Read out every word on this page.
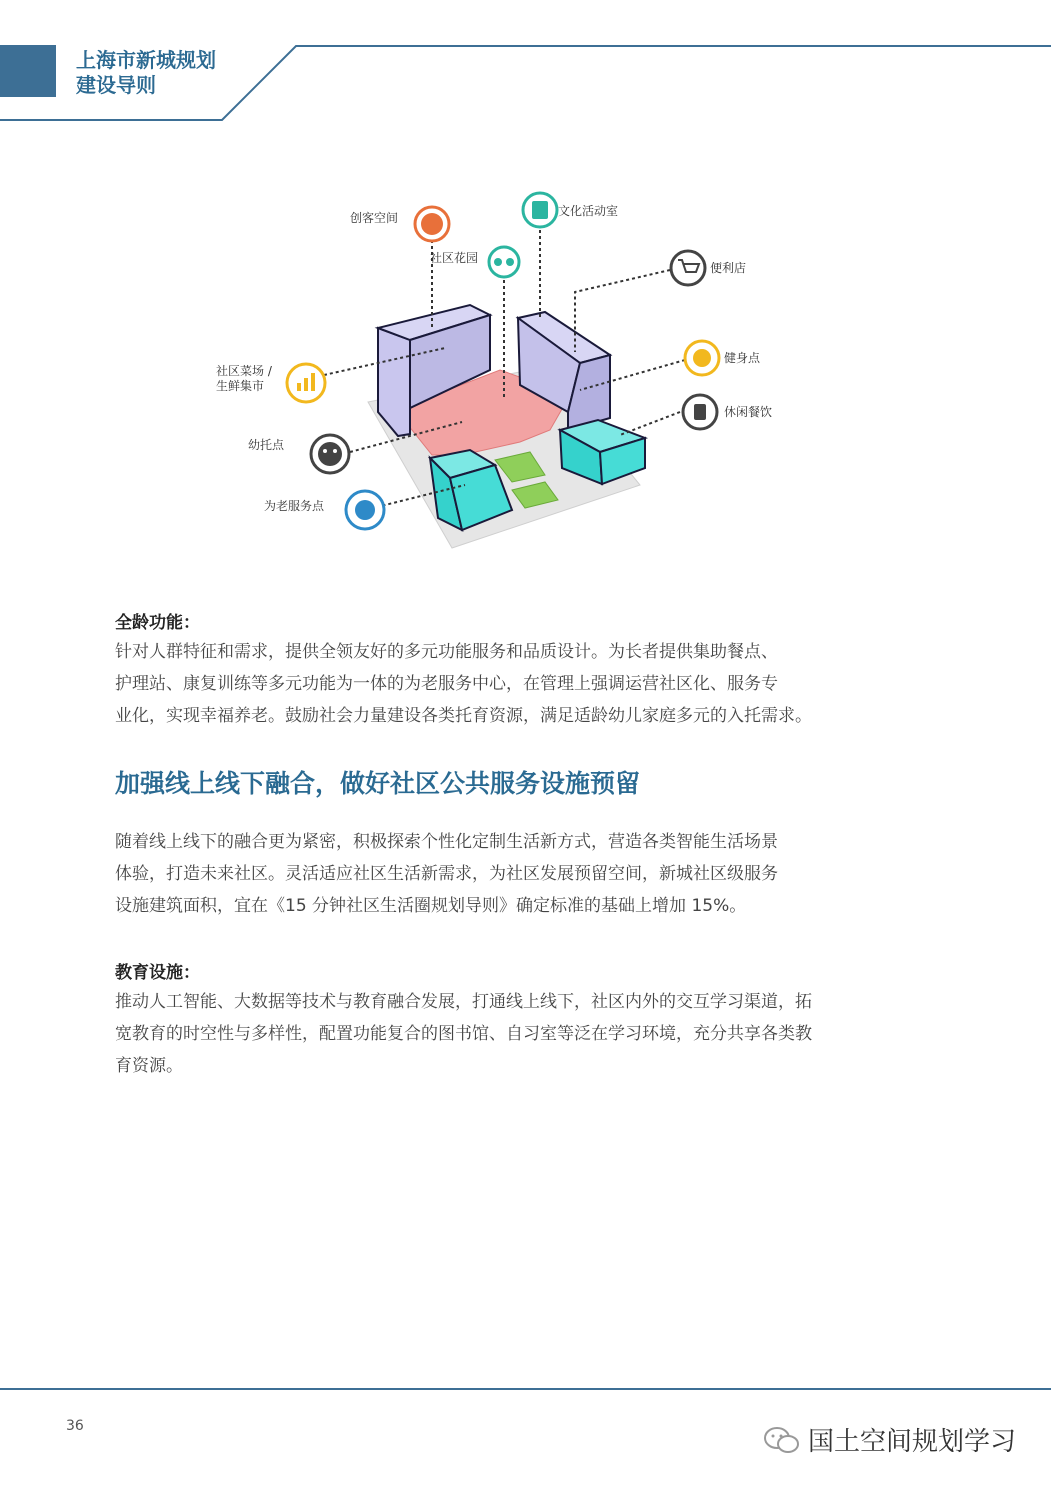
上海市新城规划
建设导则
创客空间	文化活动室
社区花园
便利店
社区菜场 /
生鲜集市
健身点
休闲餐饮
幼托点
为老服务点
全龄功能：
针对人群特征和需求，提供全领友好的多元功能服务和品质设计。为长者提供集助餐点、
护理站、康复训练等多元功能为一体的为老服务中心，在管理上强调运营社区化、服务专
业化，实现幸福养老。鼓励社会力量建设各类托育资源，满足适龄幼儿家庭多元的入托需求。
加强线上线下融合，做好社区公共服务设施预留
随着线上线下的融合更为紧密，积极探索个性化定制生活新方式，营造各类智能生活场景
体验，打造未来社区。灵活适应社区生活新需求，为社区发展预留空间，新城社区级服务
设施建筑面积，宜在《15 分钟社区生活圈规划导则》确定标准的基础上增加 15%。
教育设施：
推动人工智能、大数据等技术与教育融合发展，打通线上线下，社区内外的交互学习渠道，拓
宽教育的时空性与多样性，配置功能复合的图书馆、自习室等泛在学习环境，充分共享各类教
育资源。
36
国土空间规划学习
